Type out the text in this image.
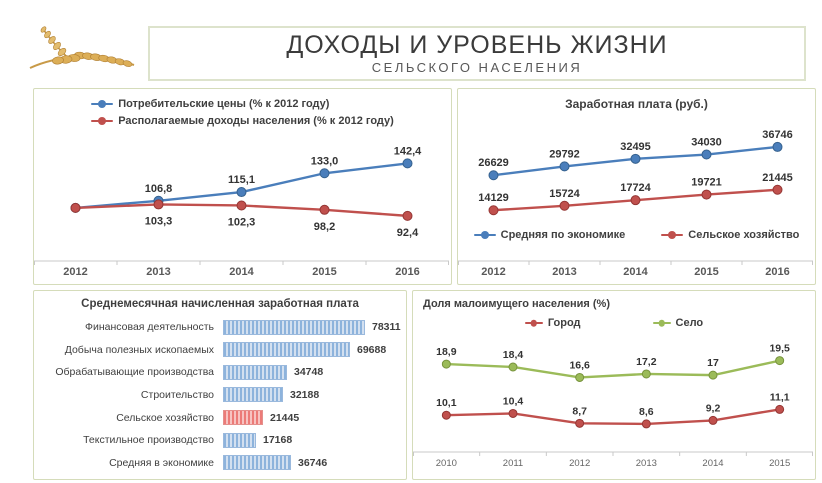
ДОХОДЫ И УРОВЕНЬ ЖИЗНИ
СЕЛЬСКОГО НАСЕЛЕНИЯ
Потребительские цены (% к 2012 году)
Располагаемые доходы населения (% к 2012 году)
2012	2013	2014	2015	2016
106,8
115,1
133,0
142,4
103,3	102,3	98,2
92,4
Заработная плата (руб.)
2012	2013	2014	2015	2016
26629
29792
32495	34030
36746
14129	15724	17724	19721	21445
Средняя по экономике	Сельское хозяйство
Среднемесячная начисленная заработная плата
Финансовая деятельность	78311
Добыча полезных ископаемых	69688
Обрабатывающие производства	34748
Строительство	32188
Сельское хозяйство	21445
Текстильное производство	17168
Средняя в экономике	36746
Доля малоимущего населения (%)
Город	Село
2010	2011	2012	2013	2014	2015
10,1	10,4
8,7	8,6	9,2
11,1
18,9	18,4
16,6	17,2	17
19,5
